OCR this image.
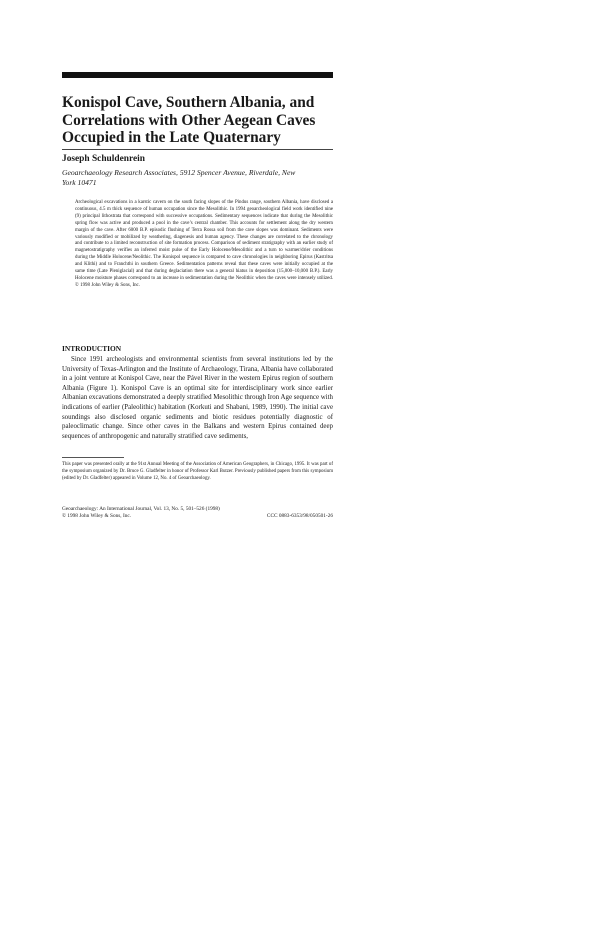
Konispol Cave, Southern Albania, and Correlations with Other Aegean Caves Occupied in the Late Quaternary
Joseph Schuldenrein
Geoarchaeology Research Associates, 5912 Spencer Avenue, Riverdale, New York 10471
Archeological excavations in a karstic cavern on the south facing slopes of the Pindus range, southern Albania, have disclosed a continuous, 4.5 m thick sequence of human occupation since the Mesolithic. In 1994 geoarcheological field work identified nine (9) principal lithostrata that correspond with successive occupations. Sedimentary sequences indicate that during the Mesolithic spring flow was active and produced a pool in the cave’s central chamber. This accounts for settlement along the dry western margin of the cave. After 6000 B.P. episodic flushing of Terra Rossa soil from the cave slopes was dominant. Sediments were variously modified or mobilized by weathering, diagenesis and human agency. These changes are correlated to the chronology and contribute to a limited reconstruction of site formation process. Comparison of sediment stratigraphy with an earlier study of magnetostratigraphy verifies an inferred moist pulse of the Early Holocene/Mesolithic and a turn to warmer/drier conditions during the Middle Holocene/Neolithic. The Konispol sequence is compared to cave chronologies in neighboring Epirus (Kastritsa and Klithi) and to Franchthi in southern Greece. Sedimentation patterns reveal that these caves were initially occupied at the same time (Late Pleniglacial) and that during deglaciation there was a general hiatus in deposition (15,000–10,000 B.P.). Early Holocene moisture phases correspond to an increase in sedimentation during the Neolithic when the caves were intensely utilized. © 1998 John Wiley & Sons, Inc.
INTRODUCTION

Since 1991 archeologists and environmental scientists from several institutions led by the University of Texas-Arlington and the Institute of Archaeology, Tirana, Albania have collaborated in a joint venture at Konispol Cave, near the Pável River in the western Epirus region of southern Albania (Figure 1). Konispol Cave is an optimal site for interdisciplinary work since earlier Albanian excavations demonstrated a deeply stratified Mesolithic through Iron Age sequence with indications of earlier (Paleolithic) habitation (Korkuti and Shabani, 1989, 1990). The initial cave soundings also disclosed organic sediments and biotic residues potentially diagnostic of paleoclimatic change. Since other caves in the Balkans and western Epirus contained deep sequences of anthropogenic and naturally stratified cave sediments,

This paper was presented orally at the 91st Annual Meeting of the Association of American Geographers, in Chicago, 1995. It was part of the symposium organized by Dr. Bruce G. Gladfelter in honor of Professor Karl Butzer. Previously published papers from this symposium (edited by Dr. Gladfelter) appeared in Volume 12, No. 4 of Geoarchaeology.

Geoarchaeology: An International Journal, Vol. 13, No. 5, 501–526 (1998)
© 1998 John Wiley & Sons, Inc.	CCC 0883-6353/98/050501-26
